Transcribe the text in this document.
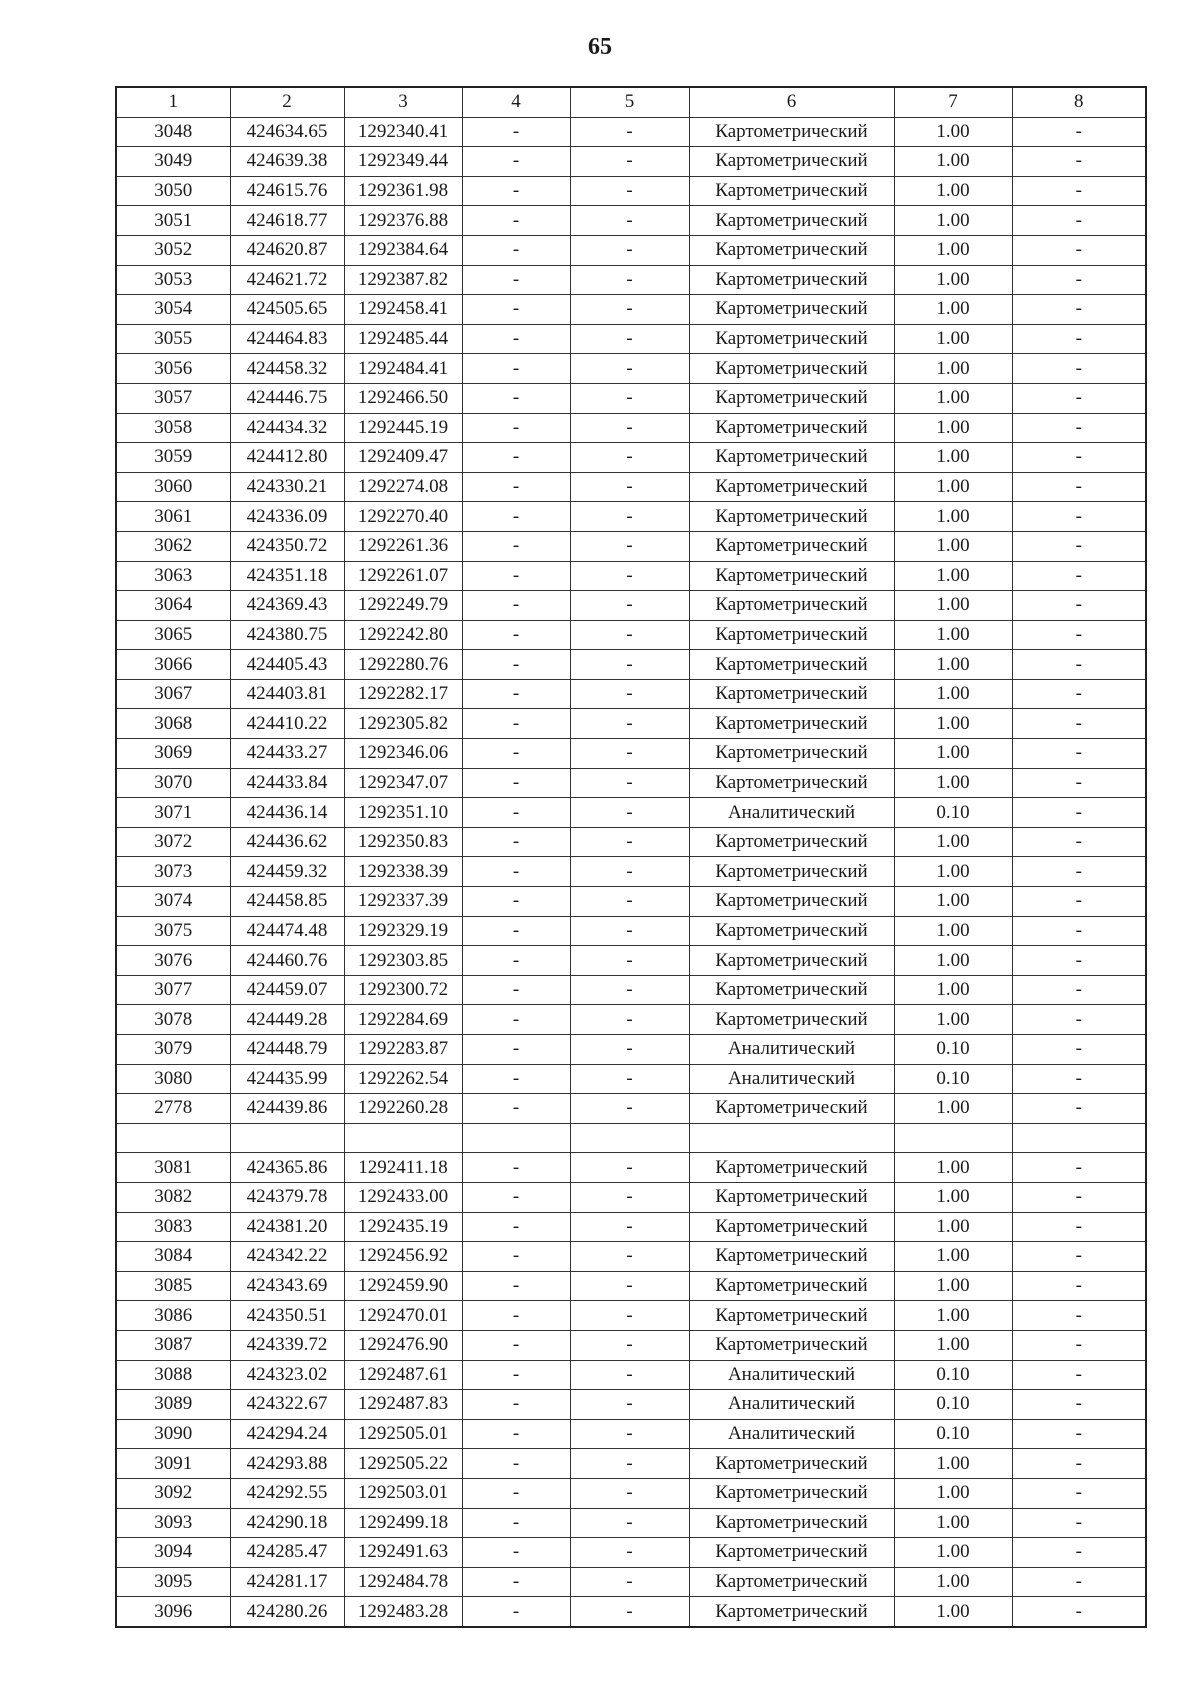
65
1	2	3	4	5	6	7	8
3048	424634.65	1292340.41	-	-	Картометрический	1.00	-
3049	424639.38	1292349.44	-	-	Картометрический	1.00	-
3050	424615.76	1292361.98	-	-	Картометрический	1.00	-
3051	424618.77	1292376.88	-	-	Картометрический	1.00	-
3052	424620.87	1292384.64	-	-	Картометрический	1.00	-
3053	424621.72	1292387.82	-	-	Картометрический	1.00	-
3054	424505.65	1292458.41	-	-	Картометрический	1.00	-
3055	424464.83	1292485.44	-	-	Картометрический	1.00	-
3056	424458.32	1292484.41	-	-	Картометрический	1.00	-
3057	424446.75	1292466.50	-	-	Картометрический	1.00	-
3058	424434.32	1292445.19	-	-	Картометрический	1.00	-
3059	424412.80	1292409.47	-	-	Картометрический	1.00	-
3060	424330.21	1292274.08	-	-	Картометрический	1.00	-
3061	424336.09	1292270.40	-	-	Картометрический	1.00	-
3062	424350.72	1292261.36	-	-	Картометрический	1.00	-
3063	424351.18	1292261.07	-	-	Картометрический	1.00	-
3064	424369.43	1292249.79	-	-	Картометрический	1.00	-
3065	424380.75	1292242.80	-	-	Картометрический	1.00	-
3066	424405.43	1292280.76	-	-	Картометрический	1.00	-
3067	424403.81	1292282.17	-	-	Картометрический	1.00	-
3068	424410.22	1292305.82	-	-	Картометрический	1.00	-
3069	424433.27	1292346.06	-	-	Картометрический	1.00	-
3070	424433.84	1292347.07	-	-	Картометрический	1.00	-
3071	424436.14	1292351.10	-	-	Аналитический	0.10	-
3072	424436.62	1292350.83	-	-	Картометрический	1.00	-
3073	424459.32	1292338.39	-	-	Картометрический	1.00	-
3074	424458.85	1292337.39	-	-	Картометрический	1.00	-
3075	424474.48	1292329.19	-	-	Картометрический	1.00	-
3076	424460.76	1292303.85	-	-	Картометрический	1.00	-
3077	424459.07	1292300.72	-	-	Картометрический	1.00	-
3078	424449.28	1292284.69	-	-	Картометрический	1.00	-
3079	424448.79	1292283.87	-	-	Аналитический	0.10	-
3080	424435.99	1292262.54	-	-	Аналитический	0.10	-
2778	424439.86	1292260.28	-	-	Картометрический	1.00	-

3081	424365.86	1292411.18	-	-	Картометрический	1.00	-
3082	424379.78	1292433.00	-	-	Картометрический	1.00	-
3083	424381.20	1292435.19	-	-	Картометрический	1.00	-
3084	424342.22	1292456.92	-	-	Картометрический	1.00	-
3085	424343.69	1292459.90	-	-	Картометрический	1.00	-
3086	424350.51	1292470.01	-	-	Картометрический	1.00	-
3087	424339.72	1292476.90	-	-	Картометрический	1.00	-
3088	424323.02	1292487.61	-	-	Аналитический	0.10	-
3089	424322.67	1292487.83	-	-	Аналитический	0.10	-
3090	424294.24	1292505.01	-	-	Аналитический	0.10	-
3091	424293.88	1292505.22	-	-	Картометрический	1.00	-
3092	424292.55	1292503.01	-	-	Картометрический	1.00	-
3093	424290.18	1292499.18	-	-	Картометрический	1.00	-
3094	424285.47	1292491.63	-	-	Картометрический	1.00	-
3095	424281.17	1292484.78	-	-	Картометрический	1.00	-
3096	424280.26	1292483.28	-	-	Картометрический	1.00	-
